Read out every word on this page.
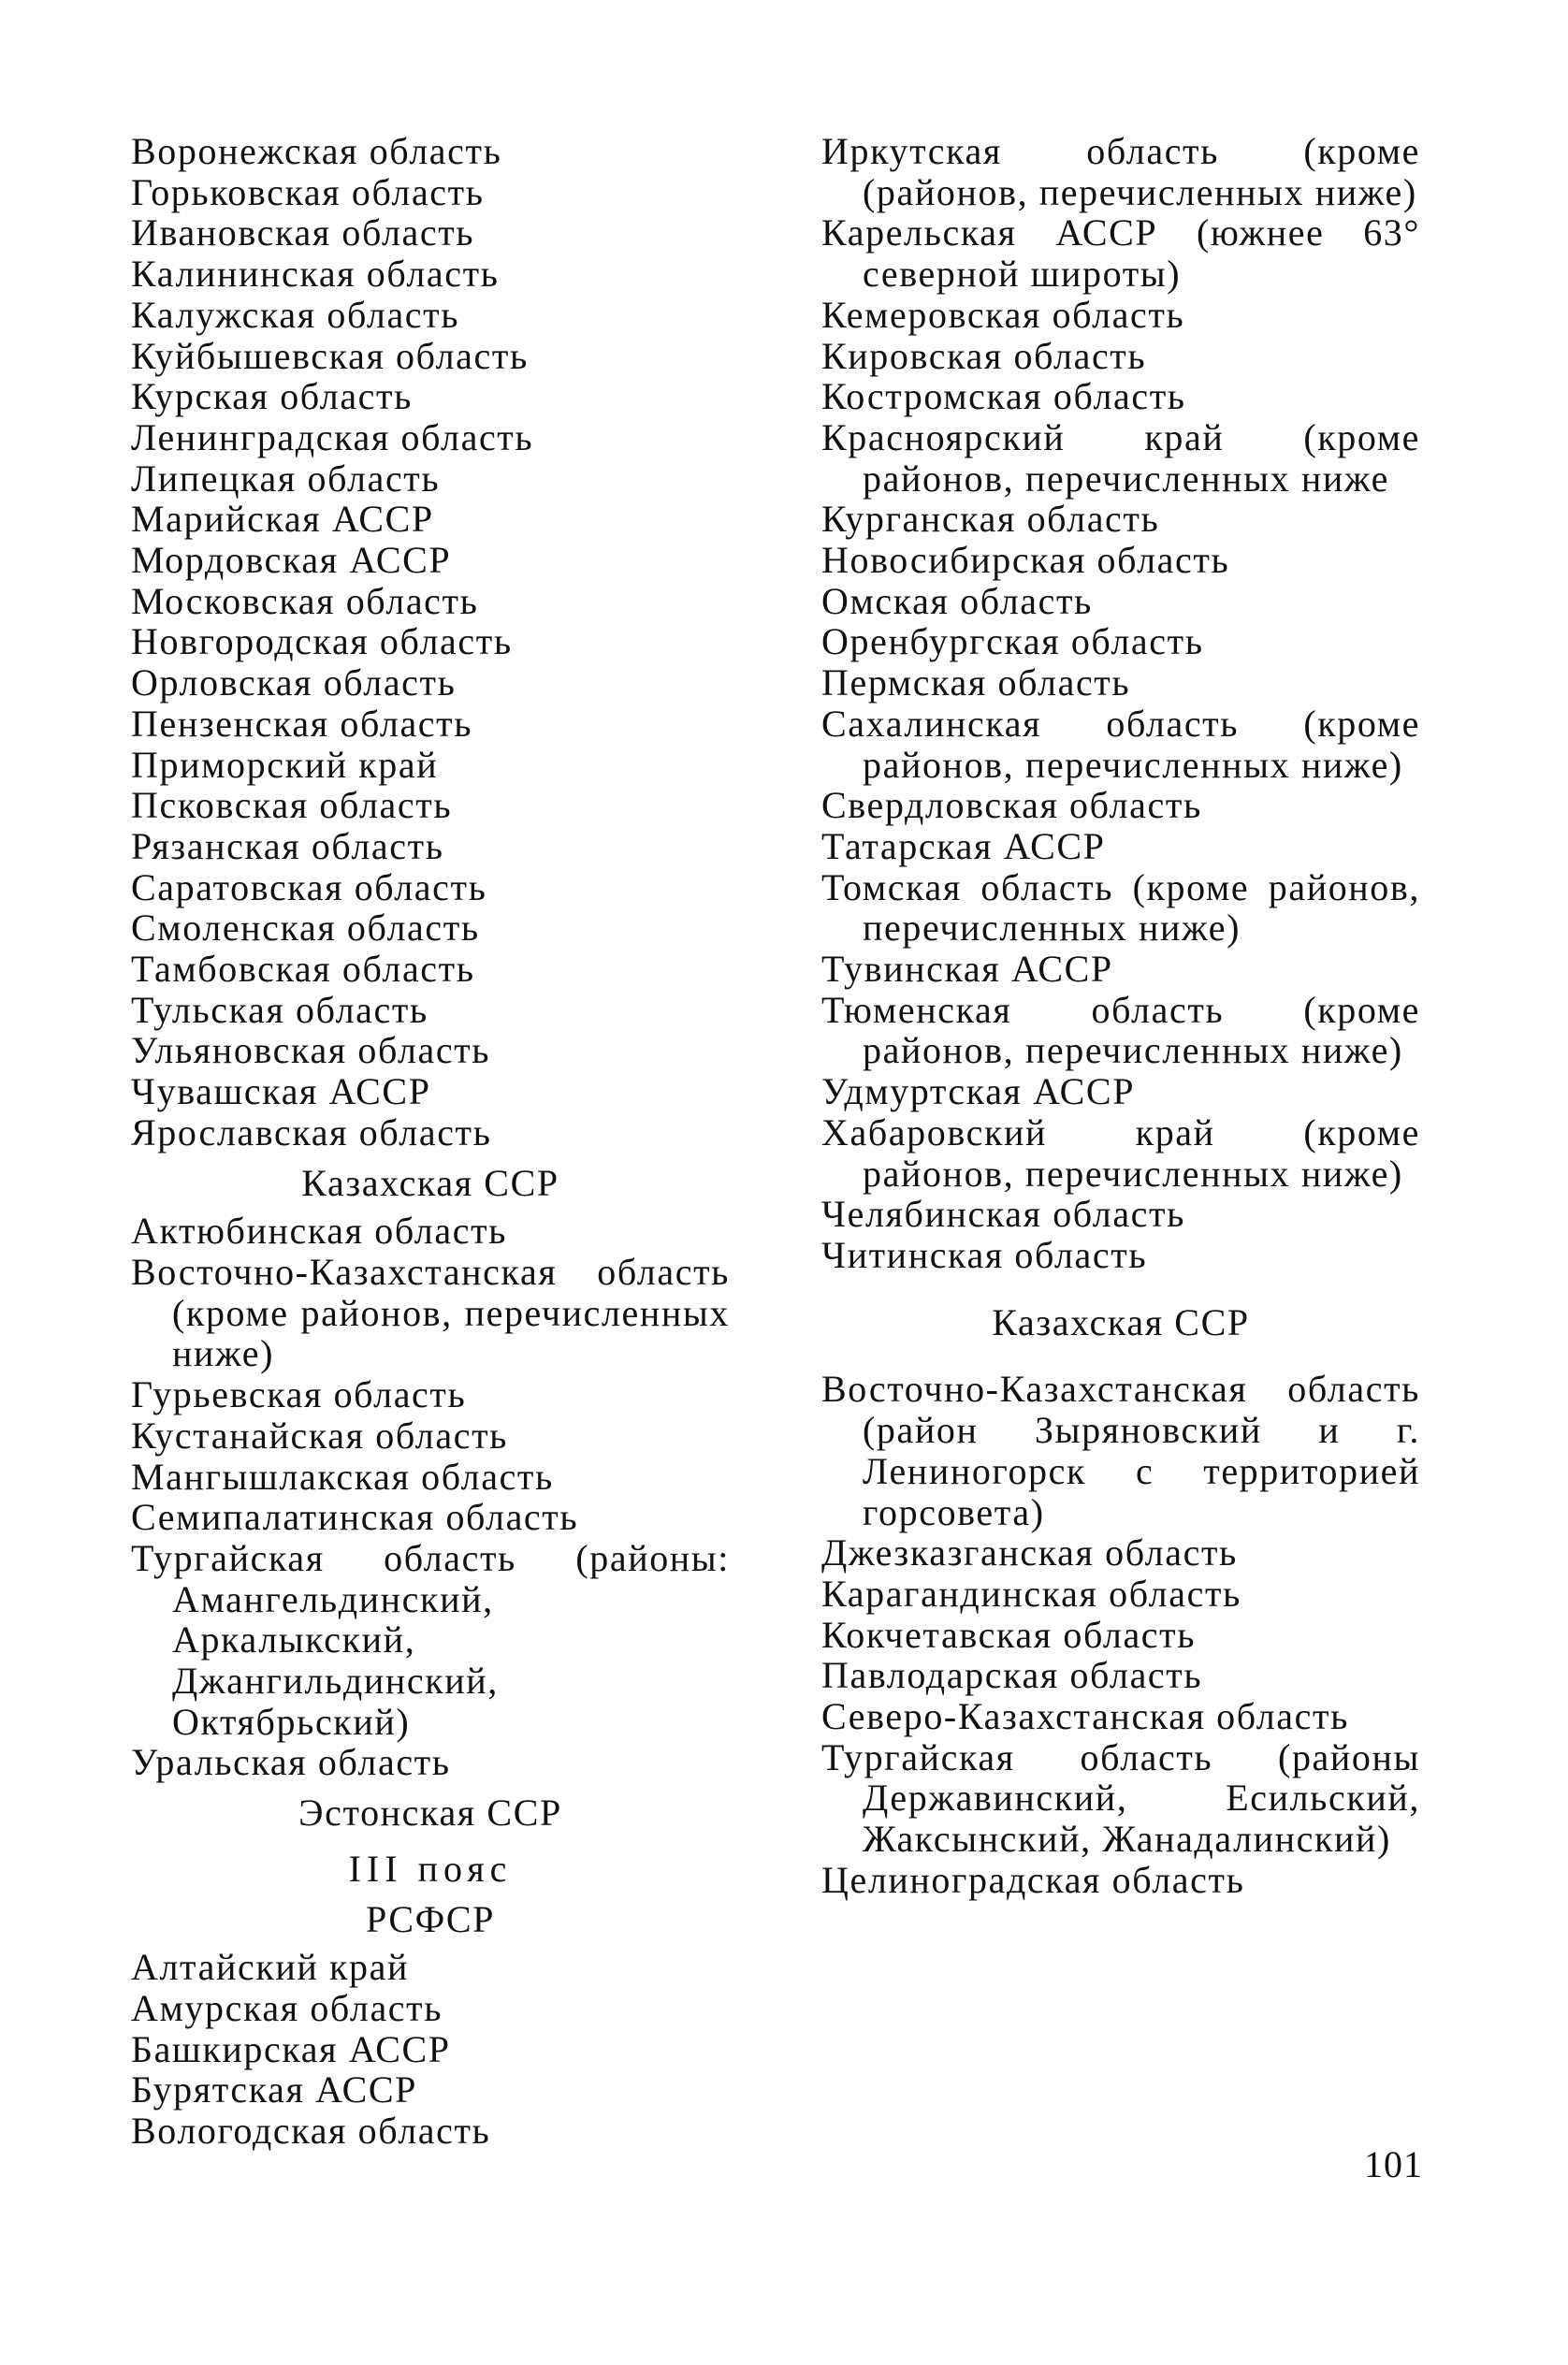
Воронежская область
Горьковская область
Ивановская область
Калининская область
Калужская область
Куйбышевская область
Курская область
Ленинградская область
Липецкая область
Марийская АССР
Мордовская АССР
Московская область
Новгородская область
Орловская область
Пензенская область
Приморский край
Псковская область
Рязанская область
Саратовская область
Смоленская область
Тамбовская область
Тульская область
Ульяновская область
Чувашская АССР
Ярославская область
Казахская ССР
Актюбинская область
Восточно-Казахстанская область (кроме районов, перечисленных ниже)
Гурьевская область
Кустанайская область
Мангышлакская область
Семипалатинская область
Тургайская область (районы: Амангельдинский, Аркалыкский, Джангильдинский, Октябрьский)
Уральская область
Эстонская ССР
III пояс
РСФСР
Алтайский край
Амурская область
Башкирская АССР
Бурятская АССР
Вологодская область
Иркутская область (кроме (районов, перечисленных ниже)
Карельская АССР (южнее 63° северной широты)
Кемеровская область
Кировская область
Костромская область
Красноярский край (кроме районов, перечисленных ниже
Курганская область
Новосибирская область
Омская область
Оренбургская область
Пермская область
Сахалинская область (кроме районов, перечисленных ниже)
Свердловская область
Татарская АССР
Томская область (кроме районов, перечисленных ниже)
Тувинская АССР
Тюменская область (кроме районов, перечисленных ниже)
Удмуртская АССР
Хабаровский край (кроме районов, перечисленных ниже)
Челябинская область
Читинская область
Казахская ССР
Восточно-Казахстанская область (район Зыряновский и г. Лениногорск с территорией горсовета)
Джезказганская область
Карагандинская область
Кокчетавская область
Павлодарская область
Северо-Казахстанская область
Тургайская область (районы Державинский, Есильский, Жаксынский, Жанадалинский)
Целиноградская область
101
